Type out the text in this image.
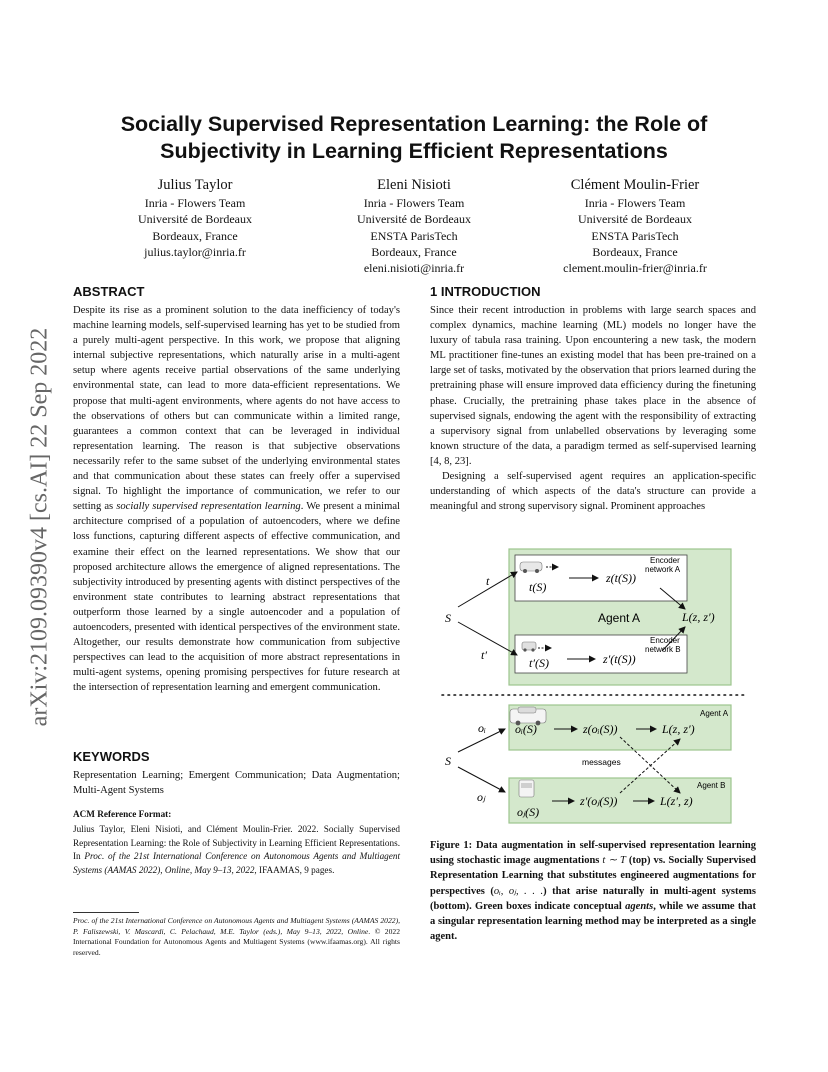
arXiv:2109.09390v4 [cs.AI] 22 Sep 2022
Socially Supervised Representation Learning: the Role of
Subjectivity in Learning Efficient Representations
Julius Taylor
Inria - Flowers Team
Université de Bordeaux
Bordeaux, France
julius.taylor@inria.fr
Eleni Nisioti
Inria - Flowers Team
Université de Bordeaux
ENSTA ParisTech
Bordeaux, France
eleni.nisioti@inria.fr
Clément Moulin-Frier
Inria - Flowers Team
Université de Bordeaux
ENSTA ParisTech
Bordeaux, France
clement.moulin-frier@inria.fr
ABSTRACT

Despite its rise as a prominent solution to the data inefficiency of today's machine learning models, self-supervised learning has yet to be studied from a purely multi-agent perspective. In this work, we propose that aligning internal subjective representations, which naturally arise in a multi-agent setup where agents receive partial observations of the same underlying environmental state, can lead to more data-efficient representations. We propose that multi-agent environments, where agents do not have access to the observations of others but can communicate within a limited range, guarantees a common context that can be leveraged in individual representation learning. The reason is that subjective observations necessarily refer to the same subset of the underlying environmental states and that communication about these states can freely offer a supervised signal. To highlight the importance of communication, we refer to our setting as socially supervised representation learning. We present a minimal architecture comprised of a population of autoencoders, where we define loss functions, capturing different aspects of effective communication, and examine their effect on the learned representations. We show that our proposed architecture allows the emergence of aligned representations. The subjectivity introduced by presenting agents with distinct perspectives of the environment state contributes to learning abstract representations that outperform those learned by a single autoencoder and a population of autoencoders, presented with identical perspectives of the environment state. Altogether, our results demonstrate how communication from subjective perspectives can lead to the acquisition of more abstract representations in multi-agent systems, opening promising perspectives for future research at the intersection of representation learning and emergent communication.

KEYWORDS
Representation Learning; Emergent Communication; Data Augmentation; Multi-Agent Systems
ACM Reference Format:
Julius Taylor, Eleni Nisioti, and Clément Moulin-Frier. 2022. Socially Supervised Representation Learning: the Role of Subjectivity in Learning Efficient Representations. In Proc. of the 21st International Conference on Autonomous Agents and Multiagent Systems (AAMAS 2022), Online, May 9–13, 2022, IFAAMAS, 9 pages.
Proc. of the 21st International Conference on Autonomous Agents and Multiagent Systems (AAMAS 2022), P. Faliszewski, V. Mascardi, C. Pelachaud, M.E. Taylor (eds.), May 9–13, 2022, Online. © 2022 International Foundation for Autonomous Agents and Multiagent Systems (www.ifaamas.org). All rights reserved.
1 INTRODUCTION

Since their recent introduction in problems with large search spaces and complex dynamics, machine learning (ML) models no longer have the luxury of tabula rasa training. Upon encountering a new task, the modern ML practitioner fine-tunes an existing model that has been pre-trained on a large set of tasks, motivated by the observation that priors learned during the pretraining phase will ensure improved data efficiency during the finetuning phase. Crucially, the pretraining phase takes place in the absence of supervised signals, endowing the agent with the responsibility of extracting a supervisory signal from unlabelled observations by leveraging some known structure of the data, a paradigm termed as self-supervised learning [4, 8, 23].

Designing a self-supervised agent requires an application-specific understanding of which aspects of the data's structure can provide a meaningful and strong supervisory signal. Prominent approaches

Encoder network A
Encoder network B
t(S)
z(t(S))
t′(S)	z′(t(S))
Agent A	L(z, z′)
S
t
t′
Agent A
Agent B
oᵢ(S)	z(oᵢ(S))	L(z, z′)
oⱼ(S)
z′(oⱼ(S))	L(z′, z)
messages
S
oᵢ
oⱼ
Figure 1: Data augmentation in self-supervised representation learning using stochastic image augmentations t ∼ T (top) vs. Socially Supervised Representation Learning that substitutes engineered augmentations for perspectives (oᵢ, oⱼ, . . .) that arise naturally in multi-agent systems (bottom). Green boxes indicate conceptual agents, while we assume that a singular representation learning method may be interpreted as a single agent.
